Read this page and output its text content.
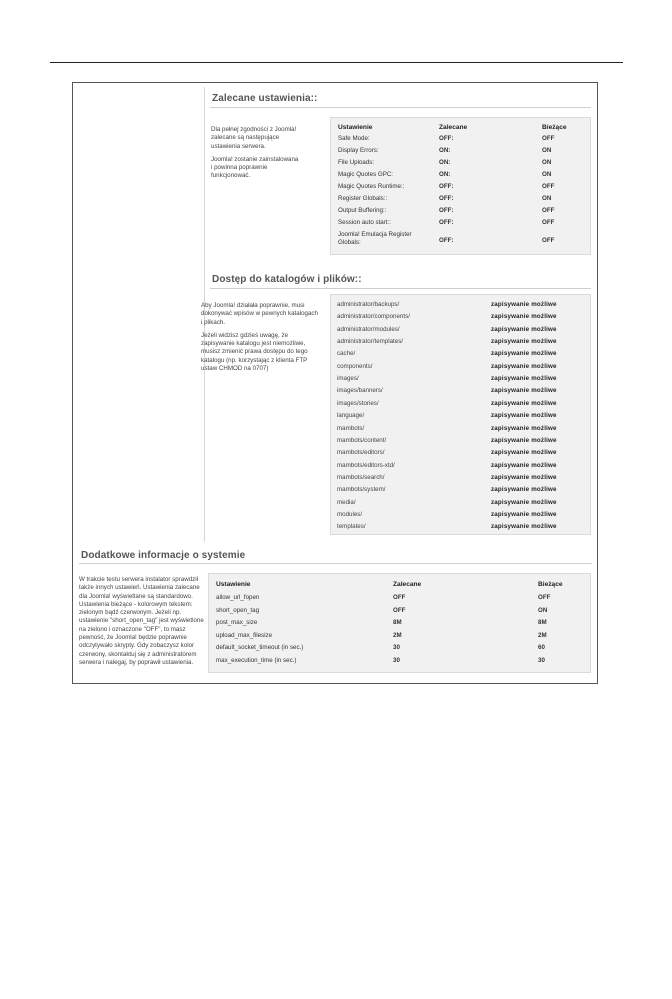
Zalecane ustawienia::

Dla pełnej zgodności z Joomla! zalecane są następujące ustawienia serwera.

Joomla! zostanie zainstalowana i powinna poprawnie funkcjonować.

Ustawienie	Zalecane	Bieżące
Safe Mode:	OFF:	OFF
Display Errors:	ON:	ON
File Uploads:	ON:	ON
Magic Quotes GPC:	ON:	ON
Magic Quotes Runtime::	OFF:	OFF
Register Globals::	OFF:	ON
Output Buffering::	OFF:	OFF
Session auto start::	OFF:	OFF
Joomla! Emulacja Register Globals:	OFF:	OFF
Dostęp do katalogów i plików::

Aby Joomla! działała poprawnie, musi dokonywać wpisów w pewnych katalogach i plikach.

Jeżeli widzisz gdzieś uwagę, że zapisywanie katalogu jest niemożliwe, musisz zmienić prawa dostępu do tego katalogu (np. korzystając z klienta FTP ustaw CHMOD na 0707)

administrator/backups/	zapisywanie możliwe
administrator/components/	zapisywanie możliwe
administrator/modules/	zapisywanie możliwe
administrator/templates/	zapisywanie możliwe
cache/	zapisywanie możliwe
components/	zapisywanie możliwe
images/	zapisywanie możliwe
images/banners/	zapisywanie możliwe
images/stories/	zapisywanie możliwe
language/	zapisywanie możliwe
mambots/	zapisywanie możliwe
mambots/content/	zapisywanie możliwe
mambots/editors/	zapisywanie możliwe
mambots/editors-xtd/	zapisywanie możliwe
mambots/search/	zapisywanie możliwe
mambots/system/	zapisywanie możliwe
media/	zapisywanie możliwe
modules/	zapisywanie możliwe
templates/	zapisywanie możliwe
Dodatkowe informacje o systemie
W trakcie testu serwera instalator sprawdził także innych ustawień. Ustawienia zalecane dla Joomla! wyświetlane są standardowo. Ustawienia bieżące - kolorowym tekstem: zielonym bądź czerwonym. Jeżeli np. ustawienie "short_open_tag" jest wyświetlone na zielono i oznaczone "OFF", to masz pewność, że Joomla! będzie poprawnie odczytywało skrypty. Gdy zobaczysz kolor czerwony, skontaktuj się z administratorem serwera i nalegaj, by poprawił ustawienia.
Ustawienie	Zalecane	Bieżące
allow_url_fopen	OFF	OFF
short_open_tag	OFF	ON
post_max_size	8M	8M
upload_max_filesize	2M	2M
default_socket_timeout (in sec.)	30	60
max_execution_time (in sec.)	30	30
